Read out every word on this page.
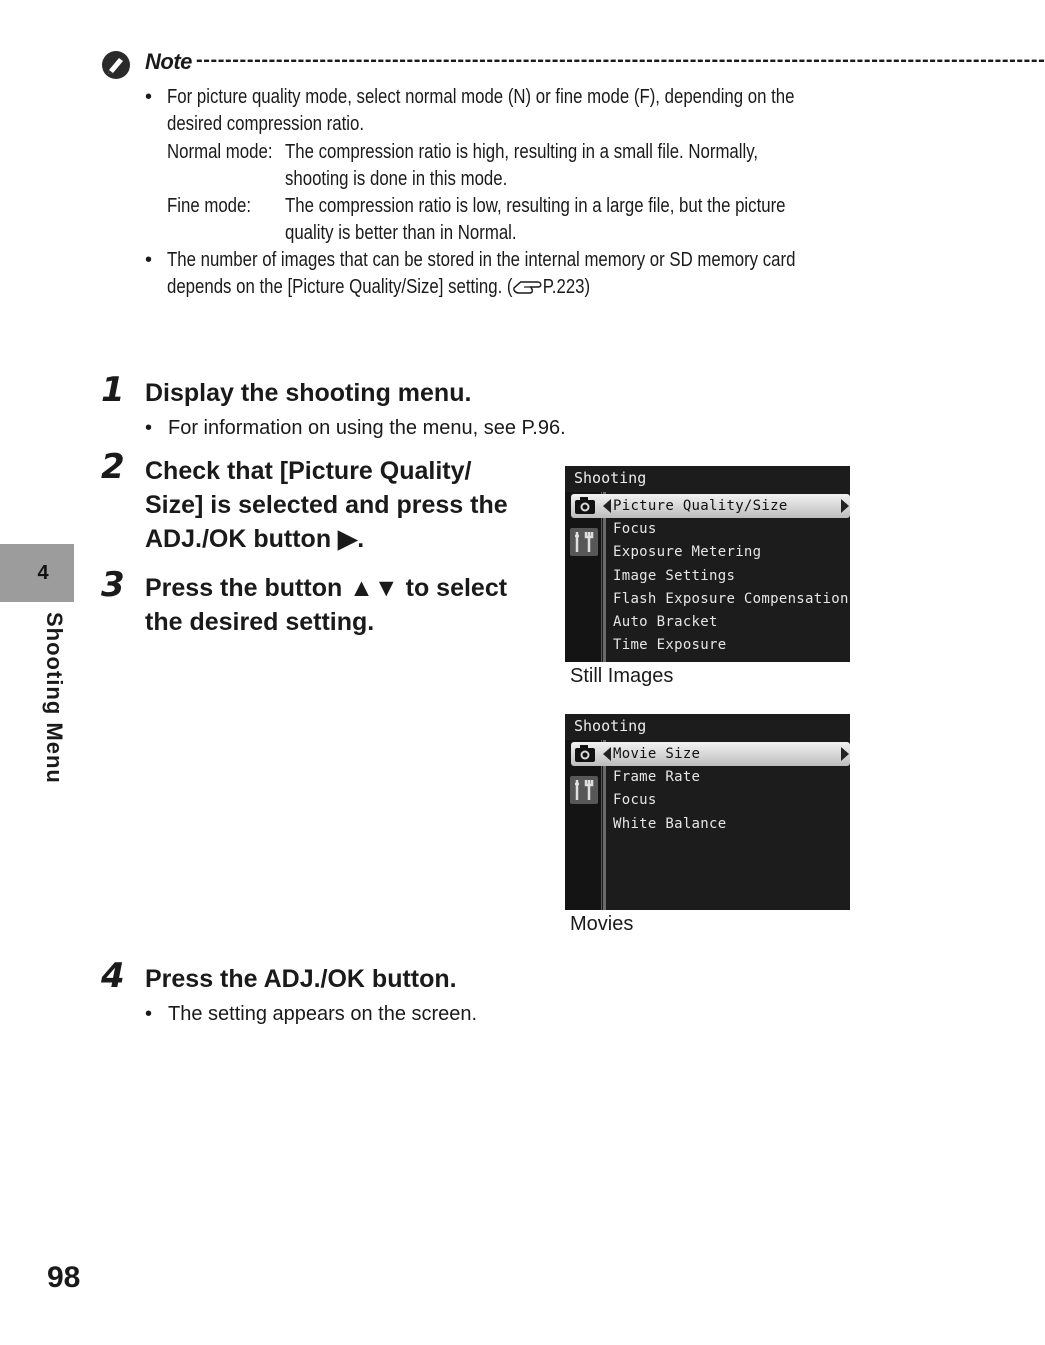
Note ---------------------------------------------------------------------------------------------------------------------
• For picture quality mode, select normal mode (N) or fine mode (F), depending on the
desired compression ratio.
Normal mode: The compression ratio is high, resulting in a small file. Normally,
shooting is done in this mode.
Fine mode: The compression ratio is low, resulting in a large file, but the picture
quality is better than in Normal.
• The number of images that can be stored in the internal memory or SD memory card
depends on the [Picture Quality/Size] setting. ( P.223)
1 Display the shooting menu.
• For information on using the menu, see P.96.
2 Check that [Picture Quality/
Size] is selected and press the
ADJ./OK button ▶.
3 Press the button ▲▼ to select
the desired setting.
4 Press the ADJ./OK button.
• The setting appears on the screen.
Shooting
Picture Quality/Size
Focus
Exposure Metering
Image Settings
Flash Exposure Compensation
Auto Bracket
Time Exposure
Still Images
Shooting
Movie Size
Frame Rate
Focus
White Balance
Movies
4
Shooting Menu
98
